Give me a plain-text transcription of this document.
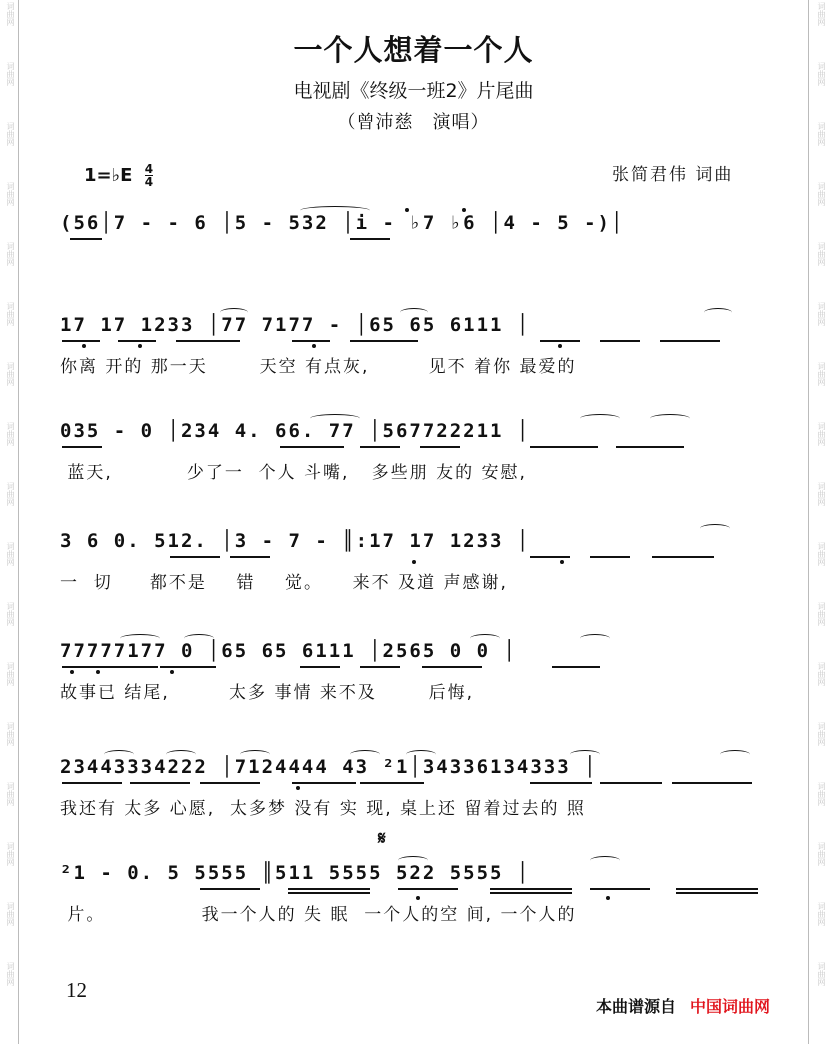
词曲网
词曲网
词曲网
词曲网
词曲网
词曲网
词曲网
词曲网
词曲网
词曲网
词曲网
词曲网
词曲网
词曲网
词曲网
词曲网
词曲网
词曲网
词曲网
词曲网
词曲网
词曲网
词曲网
词曲网
词曲网
词曲网
词曲网
词曲网
词曲网
词曲网
词曲网
词曲网
词曲网
词曲网
一个人想着一个人
电视剧《终级一班2》片尾曲
（曾沛慈　演唱）
1=♭E $\frac{4}{4}$	张简君伟 词曲
(56│7 - - 6 │5 - 532 │i - ♭7 ♭6 │4 - 5 -)│
17 17 1233 │77 7177 - │65 65 6111 │
你离 开的 那一天       天空 有点灰,        见不 着你 最爱的
035 - 0 │234 4. 66. 77 │567722211 │
蓝天,          少了一  个人 斗嘴,   多些朋 友的 安慰,
3 6 0. 512. │3 - 7 - ║:17 17 1233 │
一  切     都不是    错    觉。    来不 及道 声感谢,
77777177 0 │65 65 6111 │2565 0 0 │
故事已 结尾,        太多 事情 来不及       后悔,
23443334222 │7124444 43 ²1│34336134333 │
我还有 太多 心愿,  太多梦 没有 实 现, 桌上还 留着过去的 照
𝄋
²1 - 0. 5 5555 ║511 5555 522 5555 │
片。             我一个人的 失 眠  一个人的空 间, 一个人的
12
本曲谱源自 中国词曲网
